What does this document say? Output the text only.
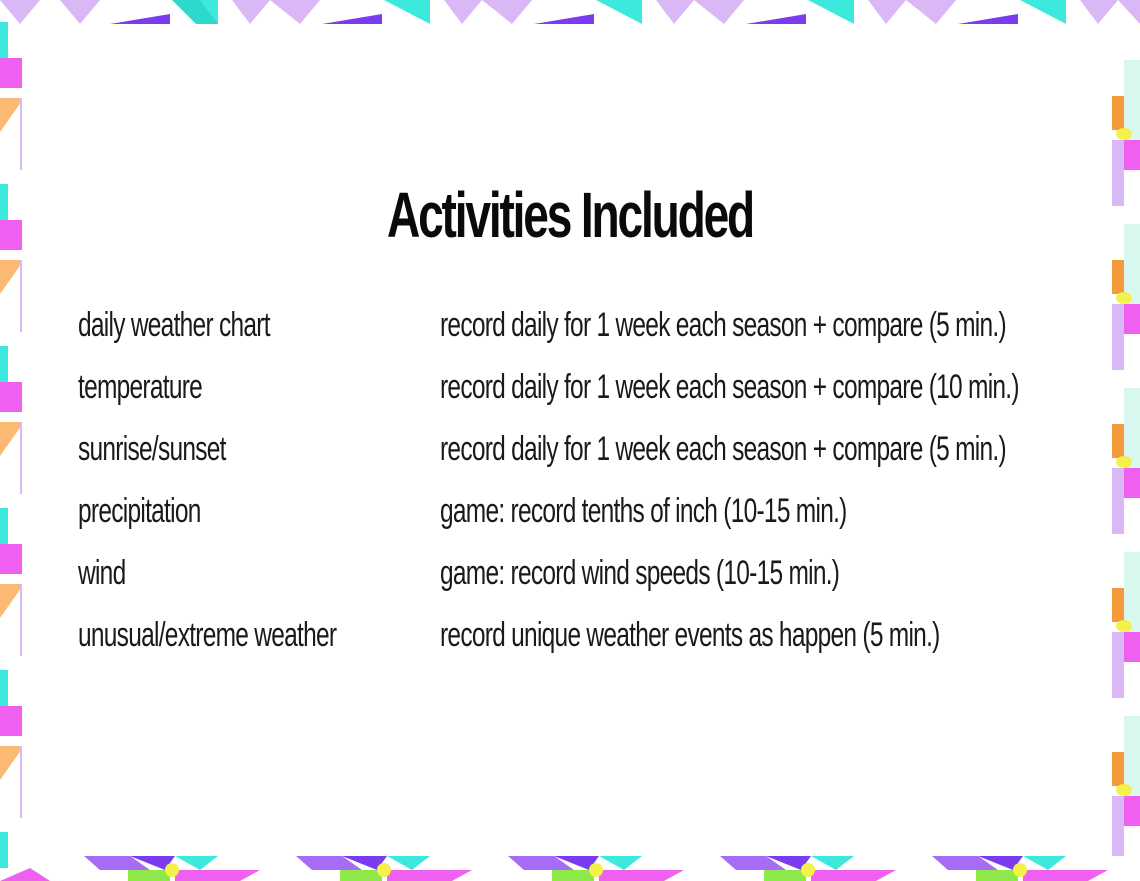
Activities Included
daily weather chart	record daily for 1 week each season + compare (5 min.)
temperature	record daily for 1 week each season + compare (10 min.)
sunrise/sunset	record daily for 1 week each season + compare (5 min.)
precipitation	game: record tenths of inch (10-15 min.)
wind	game: record wind speeds (10-15 min.)
unusual/extreme weather	record unique weather events as happen (5 min.)
